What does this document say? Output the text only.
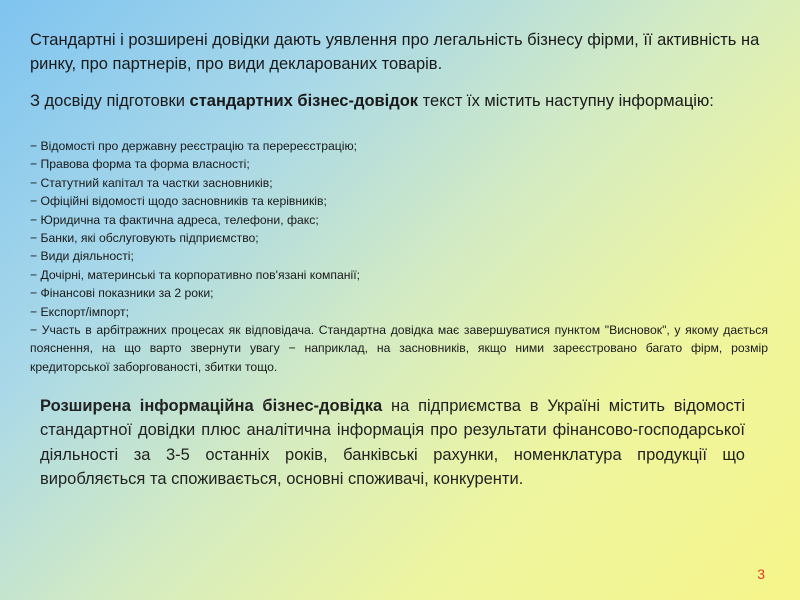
Стандартні і розширені довідки дають уявлення про легальність бізнесу фірми, її активність на ринку, про партнерів, про види декларованих товарів.
З досвіду підготовки стандартних бізнес-довідок текст їх містить наступну інформацію:
− Відомості про державну реєстрацію та перереєстрацію;
− Правова форма та форма власності;
− Статутний капітал та частки засновників;
− Офіційні відомості щодо засновників та керівників;
− Юридична та фактична адреса, телефони, факс;
− Банки, які обслуговують підприємство;
− Види діяльності;
− Дочірні, материнські та корпоративно пов'язані компанії;
− Фінансові показники за 2 роки;
− Експорт/імпорт;
− Участь в арбітражних процесах як відповідача. Стандартна довідка має завершуватися пунктом "Висновок", у якому дається пояснення, на що варто звернути увагу − наприклад, на засновників, якщо ними зареєстровано багато фірм, розмір кредиторської заборгованості, збитки тощо.
Розширена інформаційна бізнес-довідка на підприємства в Україні містить відомості стандартної довідки плюс аналітична інформація про результати фінансово-господарської діяльності за 3-5 останніх років, банківські рахунки, номенклатура продукції що виробляється та споживається, основні споживачі, конкуренти.
3
